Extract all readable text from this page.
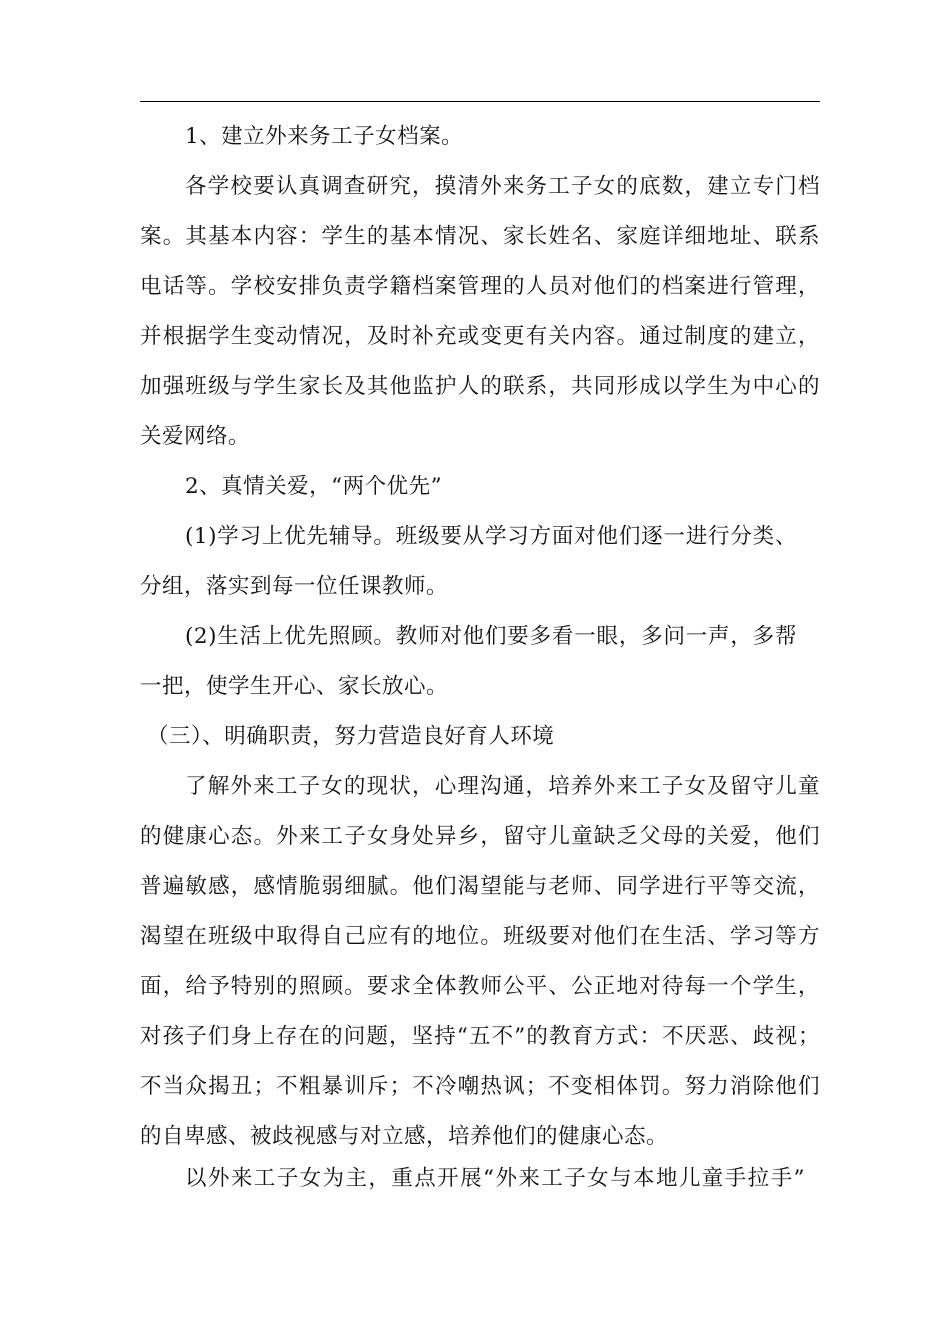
1、建立外来务工子女档案。
各学校要认真调查研究，摸清外来务工子女的底数，建立专门档
案。其基本内容：学生的基本情况、家长姓名、家庭详细地址、联系
电话等。学校安排负责学籍档案管理的人员对他们的档案进行管理，
并根据学生变动情况，及时补充或变更有关内容。通过制度的建立，
加强班级与学生家长及其他监护人的联系，共同形成以学生为中心的
关爱网络。
2、真情关爱，“两个优先”
(1)学习上优先辅导。班级要从学习方面对他们逐一进行分类、
分组，落实到每一位任课教师。
(2)生活上优先照顾。教师对他们要多看一眼，多问一声，多帮
一把，使学生开心、家长放心。
（三）、明确职责，努力营造良好育人环境
了解外来工子女的现状，心理沟通，培养外来工子女及留守儿童
的健康心态。外来工子女身处异乡，留守儿童缺乏父母的关爱，他们
普遍敏感，感情脆弱细腻。他们渴望能与老师、同学进行平等交流，
渴望在班级中取得自己应有的地位。班级要对他们在生活、学习等方
面，给予特别的照顾。要求全体教师公平、公正地对待每一个学生，
对孩子们身上存在的问题，坚持“五不”的教育方式：不厌恶、歧视；
不当众揭丑；不粗暴训斥；不冷嘲热讽；不变相体罚。努力消除他们
的自卑感、被歧视感与对立感，培养他们的健康心态。
以外来工子女为主，重点开展“外来工子女与本地儿童手拉手”
